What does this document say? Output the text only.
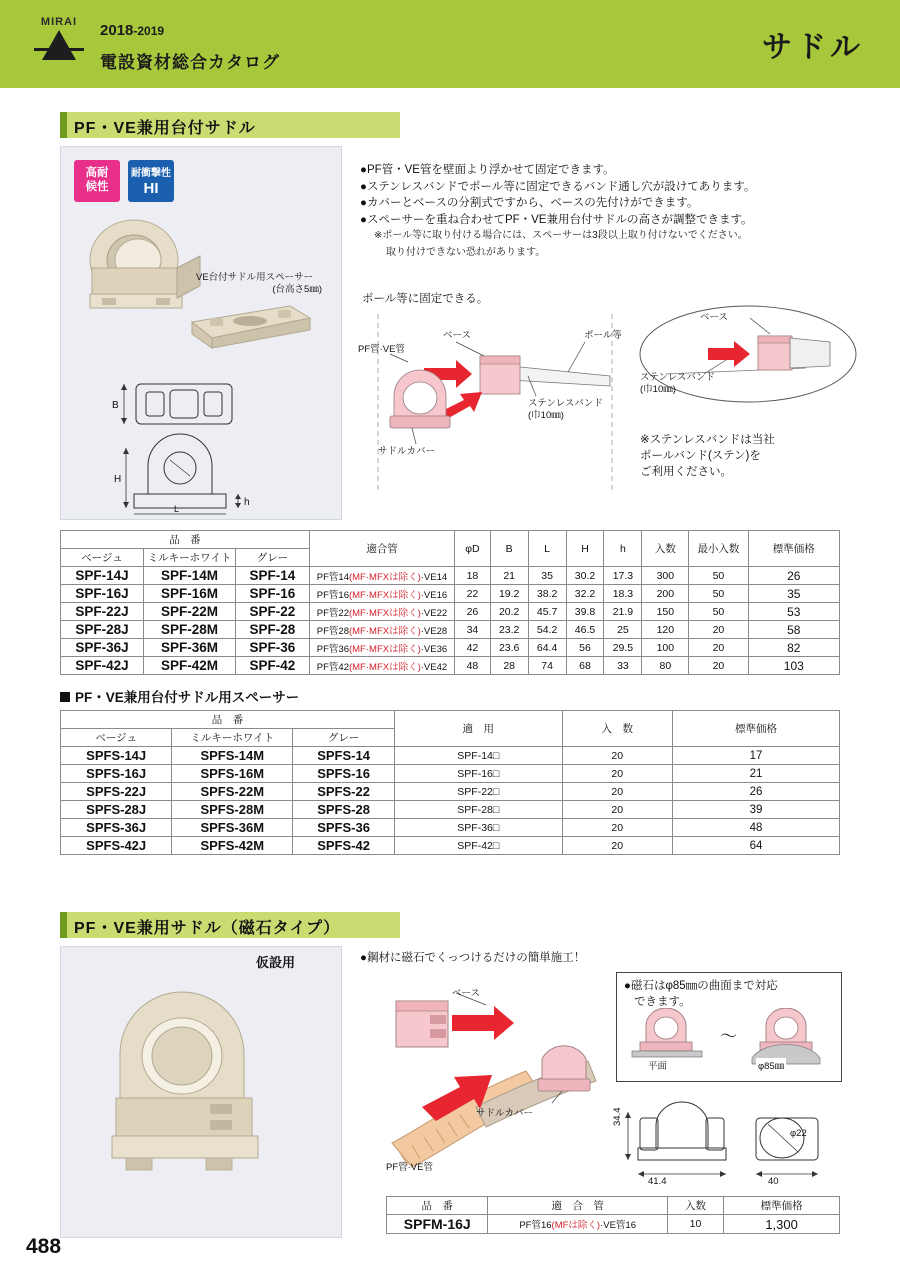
MIRAI	2018-2019
電設資材総合カタログ	サドル
PF・VE兼用台付サドル
高耐
候性
耐衝撃性
HI
VE台付サドル用スペーサー
(台高さ5㎜)
B
H
h
L
●PF管・VE管を壁面より浮かせて固定できます。
●ステンレスバンドでポール等に固定できるバンド通し穴が設けてあります。
●カバーとベースの分割式ですから、ベースの先付けができます。
●スペーサーを重ね合わせてPF・VE兼用台付サドルの高さが調整できます。
※ポール等に取り付ける場合には、スペーサーは3段以上取り付けないでください。
取り付けできない恐れがあります。
ポール等に固定できる。
ベース	ポール等
PF管·VE管
ステンレスバンド
(巾10㎜)
サドルカバー
ベース
ステンレスバンド
(巾10㎜)
※ステンレスバンドは当社
ポールバンド(ステン)を
ご利用ください。
品　番			適合管	φD	B	L	H	h	入数	最小入数	標準価格
ベージュ	ミルキーホワイト	グレー									
SPF-14J	SPF-14M	SPF-14	PF管14(MF·MFXは除く)·VE14	18	21	35	30.2	17.3	300	50	26
SPF-16J	SPF-16M	SPF-16	PF管16(MF·MFXは除く)·VE16	22	19.2	38.2	32.2	18.3	200	50	35
SPF-22J	SPF-22M	SPF-22	PF管22(MF·MFXは除く)·VE22	26	20.2	45.7	39.8	21.9	150	50	53
SPF-28J	SPF-28M	SPF-28	PF管28(MF·MFXは除く)·VE28	34	23.2	54.2	46.5	25	120	20	58
SPF-36J	SPF-36M	SPF-36	PF管36(MF·MFXは除く)·VE36	42	23.6	64.4	56	29.5	100	20	82
SPF-42J	SPF-42M	SPF-42	PF管42(MF·MFXは除く)·VE42	48	28	74	68	33	80	20	103
PF・VE兼用台付サドル用スペーサー
品　番			適　用	入　数	標準価格
ベージュ	ミルキーホワイト	グレー			
SPFS-14J	SPFS-14M	SPFS-14	SPF-14□	20	17
SPFS-16J	SPFS-16M	SPFS-16	SPF-16□	20	21
SPFS-22J	SPFS-22M	SPFS-22	SPF-22□	20	26
SPFS-28J	SPFS-28M	SPFS-28	SPF-28□	20	39
SPFS-36J	SPFS-36M	SPFS-36	SPF-36□	20	48
SPFS-42J	SPFS-42M	SPFS-42	SPF-42□	20	64
PF・VE兼用サドル（磁石タイプ）
仮設用	●鋼材に磁石でくっつけるだけの簡単施工！
ベース
サドルカバー
PF管·VE管
●磁石はφ85㎜の曲面まで対応
できます。
～
平面	φ85㎜
34.4
41.4	40
φ22
品　番	適　合　管	入数	標準価格
SPFM-16J	PF管16(MFは除く)·VE管16	10	1,300
488
